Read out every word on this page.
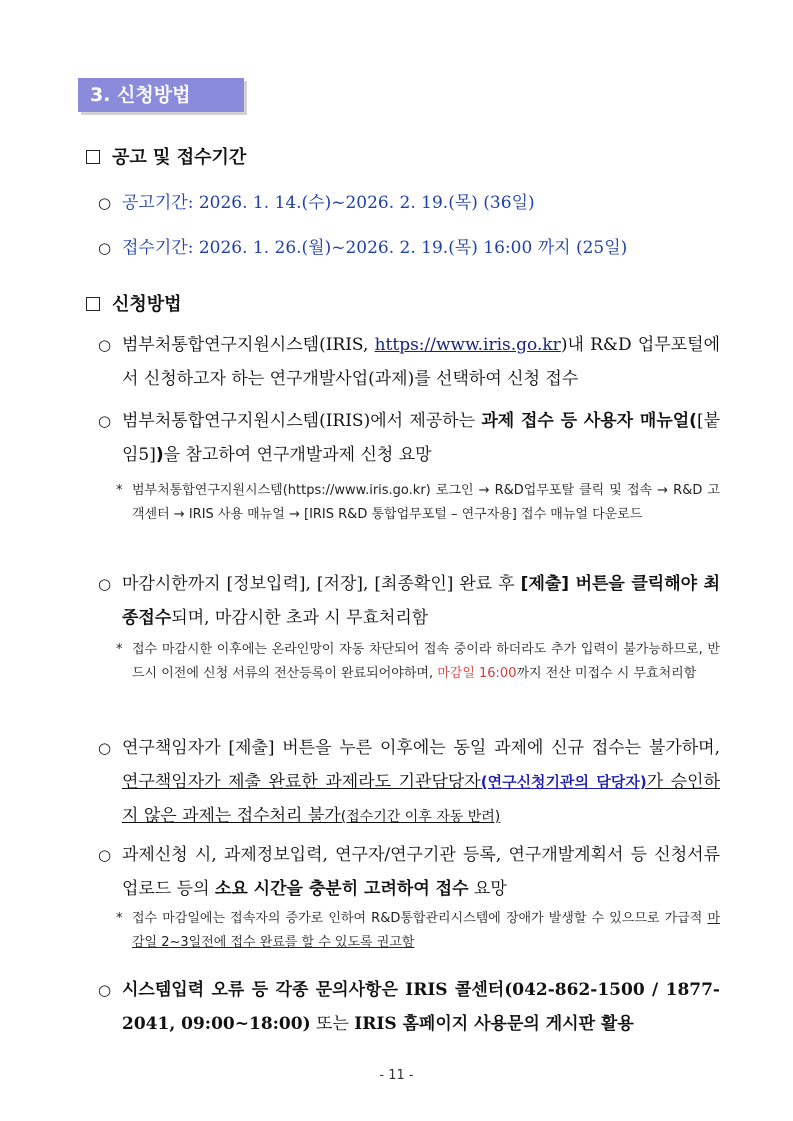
3. 신청방법
공고 및 접수기간
○ 공고기간: 2026. 1. 14.(수)~2026. 2. 19.(목) (36일)
○ 접수기간: 2026. 1. 26.(월)~2026. 2. 19.(목) 16:00 까지 (25일)
신청방법
○ 범부처통합연구지원시스템(IRIS, https://www.iris.go.kr)내 R&D 업무포털에서 신청하고자 하는 연구개발사업(과제)를 선택하여 신청 접수
○ 범부처통합연구지원시스템(IRIS)에서 제공하는 과제 접수 등 사용자 매뉴얼([붙임5])을 참고하여 연구개발과제 신청 요망
* 범부처통합연구지원시스템(https://www.iris.go.kr) 로그인 → R&D업무포탈 클릭 및 접속 → R&D 고객센터 → IRIS 사용 매뉴얼 → [IRIS R&D 통합업무포털 – 연구자용] 접수 매뉴얼 다운로드
○ 마감시한까지 [정보입력], [저장], [최종확인] 완료 후 [제출] 버튼을 클릭해야 최종접수되며, 마감시한 초과 시 무효처리함
* 접수 마감시한 이후에는 온라인망이 자동 차단되어 접속 중이라 하더라도 추가 입력이 불가능하므로, 반드시 이전에 신청 서류의 전산등록이 완료되어야하며, 마감일 16:00까지 전산 미접수 시 무효처리함
○ 연구책임자가 [제출] 버튼을 누른 이후에는 동일 과제에 신규 접수는 불가하며, 연구책임자가 제출 완료한 과제라도 기관담당자(연구신청기관의 담당자)가 승인하지 않은 과제는 접수처리 불가(접수기간 이후 자동 반려)
○ 과제신청 시, 과제정보입력, 연구자/연구기관 등록, 연구개발계획서 등 신청서류 업로드 등의 소요 시간을 충분히 고려하여 접수 요망
* 접수 마감일에는 접속자의 증가로 인하여 R&D통합관리시스템에 장애가 발생할 수 있으므로 가급적 마감일 2~3일전에 접수 완료를 할 수 있도록 권고함
○ 시스템입력 오류 등 각종 문의사항은 IRIS 콜센터(042-862-1500 / 1877-2041, 09:00~18:00) 또는 IRIS 홈페이지 사용문의 게시판 활용
- 11 -
